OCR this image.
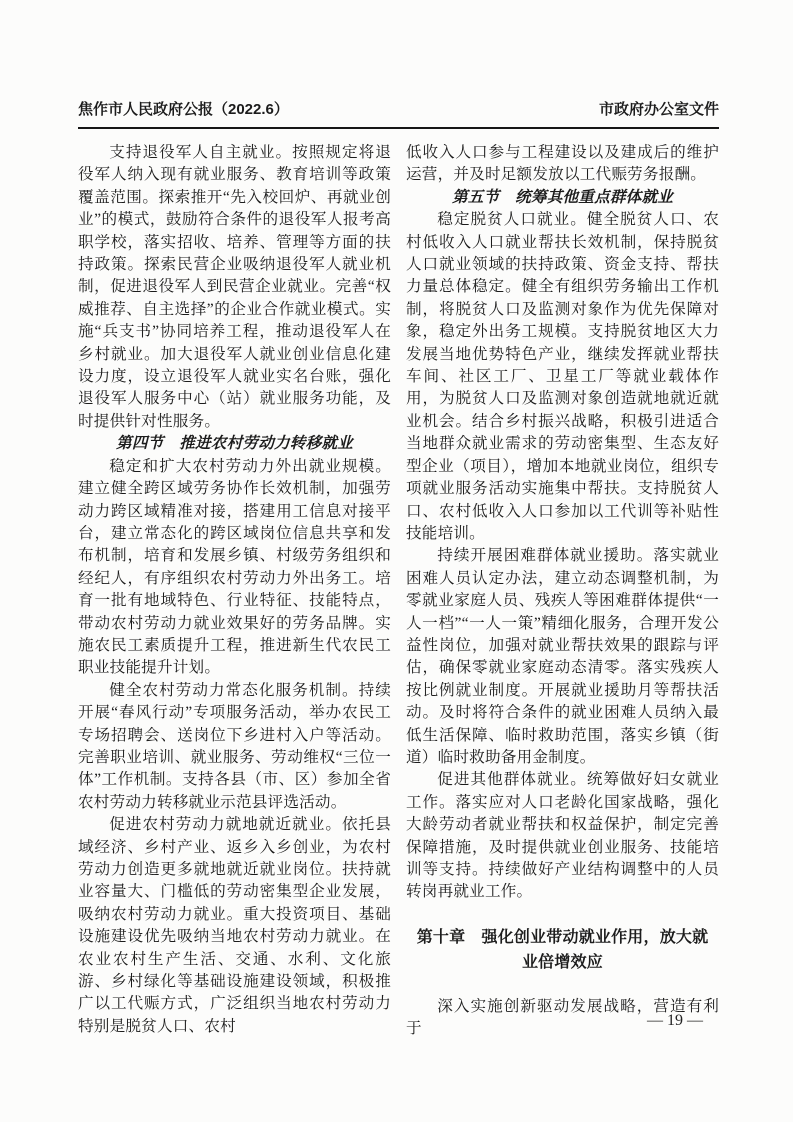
焦作市人民政府公报（2022.6）	市政府办公室文件

支持退役军人自主就业。按照规定将退役军人纳入现有就业服务、教育培训等政策覆盖范围。探索推开“先入校回炉、再就业创业”的模式，鼓励符合条件的退役军人报考高职学校，落实招收、培养、管理等方面的扶持政策。探索民营企业吸纳退役军人就业机制，促进退役军人到民营企业就业。完善“权威推荐、自主选择”的企业合作就业模式。实施“兵支书”协同培养工程，推动退役军人在乡村就业。加大退役军人就业创业信息化建设力度，设立退役军人就业实名台账，强化退役军人服务中心（站）就业服务功能，及时提供针对性服务。

第四节　推进农村劳动力转移就业

稳定和扩大农村劳动力外出就业规模。建立健全跨区域劳务协作长效机制，加强劳动力跨区域精准对接，搭建用工信息对接平台，建立常态化的跨区域岗位信息共享和发布机制，培育和发展乡镇、村级劳务组织和经纪人，有序组织农村劳动力外出务工。培育一批有地域特色、行业特征、技能特点，带动农村劳动力就业效果好的劳务品牌。实施农民工素质提升工程，推进新生代农民工职业技能提升计划。

健全农村劳动力常态化服务机制。持续开展“春风行动”专项服务活动，举办农民工专场招聘会、送岗位下乡进村入户等活动。完善职业培训、就业服务、劳动维权“三位一体”工作机制。支持各县（市、区）参加全省农村劳动力转移就业示范县评选活动。

促进农村劳动力就地就近就业。依托县域经济、乡村产业、返乡入乡创业，为农村劳动力创造更多就地就近就业岗位。扶持就业容量大、门槛低的劳动密集型企业发展，吸纳农村劳动力就业。重大投资项目、基础设施建设优先吸纳当地农村劳动力就业。在农业农村生产生活、交通、水利、文化旅游、乡村绿化等基础设施建设领域，积极推广以工代赈方式，广泛组织当地农村劳动力特别是脱贫人口、农村

低收入人口参与工程建设以及建成后的维护运营，并及时足额发放以工代赈劳务报酬。

第五节　统筹其他重点群体就业

稳定脱贫人口就业。健全脱贫人口、农村低收入人口就业帮扶长效机制，保持脱贫人口就业领域的扶持政策、资金支持、帮扶力量总体稳定。健全有组织劳务输出工作机制，将脱贫人口及监测对象作为优先保障对象，稳定外出务工规模。支持脱贫地区大力发展当地优势特色产业，继续发挥就业帮扶车间、社区工厂、卫星工厂等就业载体作用，为脱贫人口及监测对象创造就地就近就业机会。结合乡村振兴战略，积极引进适合当地群众就业需求的劳动密集型、生态友好型企业（项目），增加本地就业岗位，组织专项就业服务活动实施集中帮扶。支持脱贫人口、农村低收入人口参加以工代训等补贴性技能培训。

持续开展困难群体就业援助。落实就业困难人员认定办法，建立动态调整机制，为零就业家庭人员、残疾人等困难群体提供“一人一档”“一人一策”精细化服务，合理开发公益性岗位，加强对就业帮扶效果的跟踪与评估，确保零就业家庭动态清零。落实残疾人按比例就业制度。开展就业援助月等帮扶活动。及时将符合条件的就业困难人员纳入最低生活保障、临时救助范围，落实乡镇（街道）临时救助备用金制度。

促进其他群体就业。统筹做好妇女就业工作。落实应对人口老龄化国家战略，强化大龄劳动者就业帮扶和权益保护，制定完善保障措施，及时提供就业创业服务、技能培训等支持。持续做好产业结构调整中的人员转岗再就业工作。

第十章　强化创业带动就业作用，放大就业倍增效应

深入实施创新驱动发展战略，营造有利于	— 19 —
